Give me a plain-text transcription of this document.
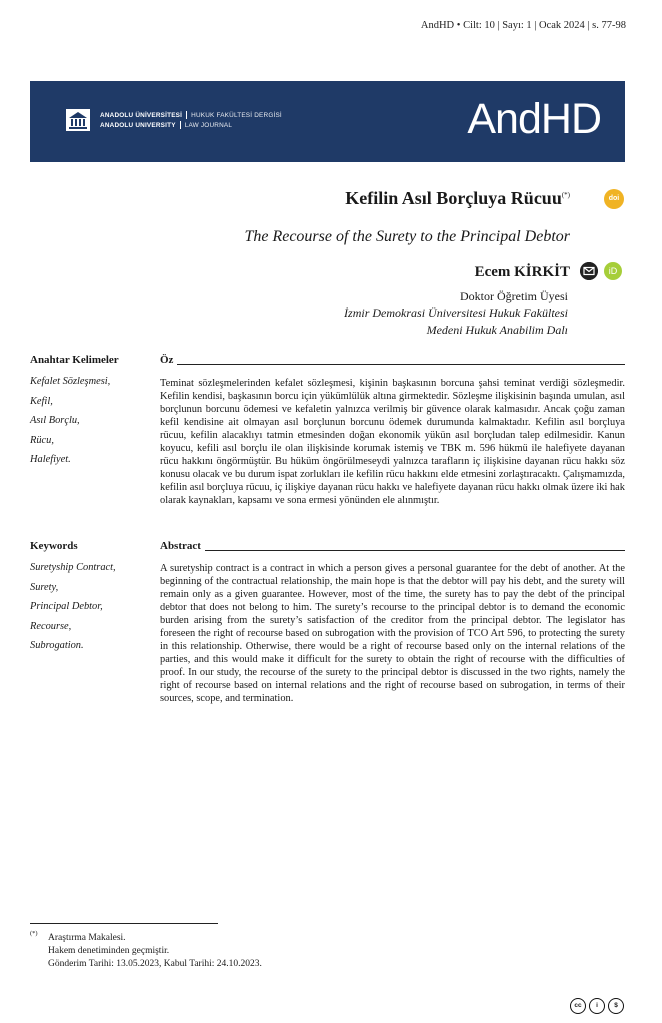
AndHD • Cilt: 10 | Sayı: 1 | Ocak 2024 | s. 77-98
ANADOLU ÜNİVERSİTESİ HUKUK FAKÜLTESİ DERGİSİ
ANADOLU UNIVERSITY LAW JOURNAL	AndHD
Kefilin Asıl Borçluya Rücuu(*)	doi
The Recourse of the Surety to the Principal Debtor
Ecem KİRKİT	iD
Doktor Öğretim Üyesi
İzmir Demokrasi Üniversitesi Hukuk Fakültesi
Medeni Hukuk Anabilim Dalı
Anahtar Kelimeler
Kefalet Sözleşmesi,
Kefil,
Asıl Borçlu,
Rücu,
Halefiyet.
Öz
Teminat sözleşmelerinden kefalet sözleşmesi, kişinin başkasının borcuna şahsi teminat verdiği sözleşmedir. Kefilin kendisi, başkasının borcu için yükümlülük altına girmektedir. Sözleşme ilişkisinin başında umulan, asıl borçlunun borcunu ödemesi ve kefaletin yalnızca verilmiş bir güvence olarak kalmasıdır. Ancak çoğu zaman kefil kendisine ait olmayan asıl borçlunun borcunu ödemek durumunda kalmaktadır. Kefilin asıl borçluya rücuu, kefilin alacaklıyı tatmin etmesinden doğan ekonomik yükün asıl borçludan talep edilmesidir. Kanun koyucu, kefili asıl borçlu ile olan ilişkisinde korumak istemiş ve TBK m. 596 hükmü ile halefiyete dayanan rücu hakkını öngörmüştür. Bu hüküm öngörülmeseydi yalnızca tarafların iç ilişkisine dayanan rücu hakkı söz konusu olacak ve bu durum ispat zorlukları ile kefilin rücu hakkını elde etmesini zorlaştıracaktı. Çalışmamızda, kefilin asıl borçluya rücuu, iç ilişkiye dayanan rücu hakkı ve halefiyete dayanan rücu hakkı olmak üzere iki hak olarak kaynakları, kapsamı ve sona ermesi yönünden ele alınmıştır.
Keywords
Suretyship Contract,
Surety,
Principal Debtor,
Recourse,
Subrogation.
Abstract
A suretyship contract is a contract in which a person gives a personal guarantee for the debt of another. At the beginning of the contractual relationship, the main hope is that the debtor will pay his debt, and the surety will remain only as a given guarantee. However, most of the time, the surety has to pay the debt of the principal debtor that does not belong to him. The surety’s recourse to the principal debtor is to demand the economic burden arising from the surety’s satisfaction of the creditor from the principal debtor. The legislator has foreseen the right of recourse based on subrogation with the provision of TCO Art 596, to protecting the surety in this relationship. Otherwise, there would be a right of recourse based only on the internal relations of the parties, and this would make it difficult for the surety to obtain the right of recourse with the difficulties of proof. In our study, the recourse of the surety to the principal debtor is discussed in the two rights, namely the right of recourse based on internal relations and the right of recourse based on subrogation, in terms of their sources, scope, and termination.
(*) Araştırma Makalesi.
Hakem denetiminden geçmiştir.
Gönderim Tarihi: 13.05.2023, Kabul Tarihi: 24.10.2023.
cc	i	$
